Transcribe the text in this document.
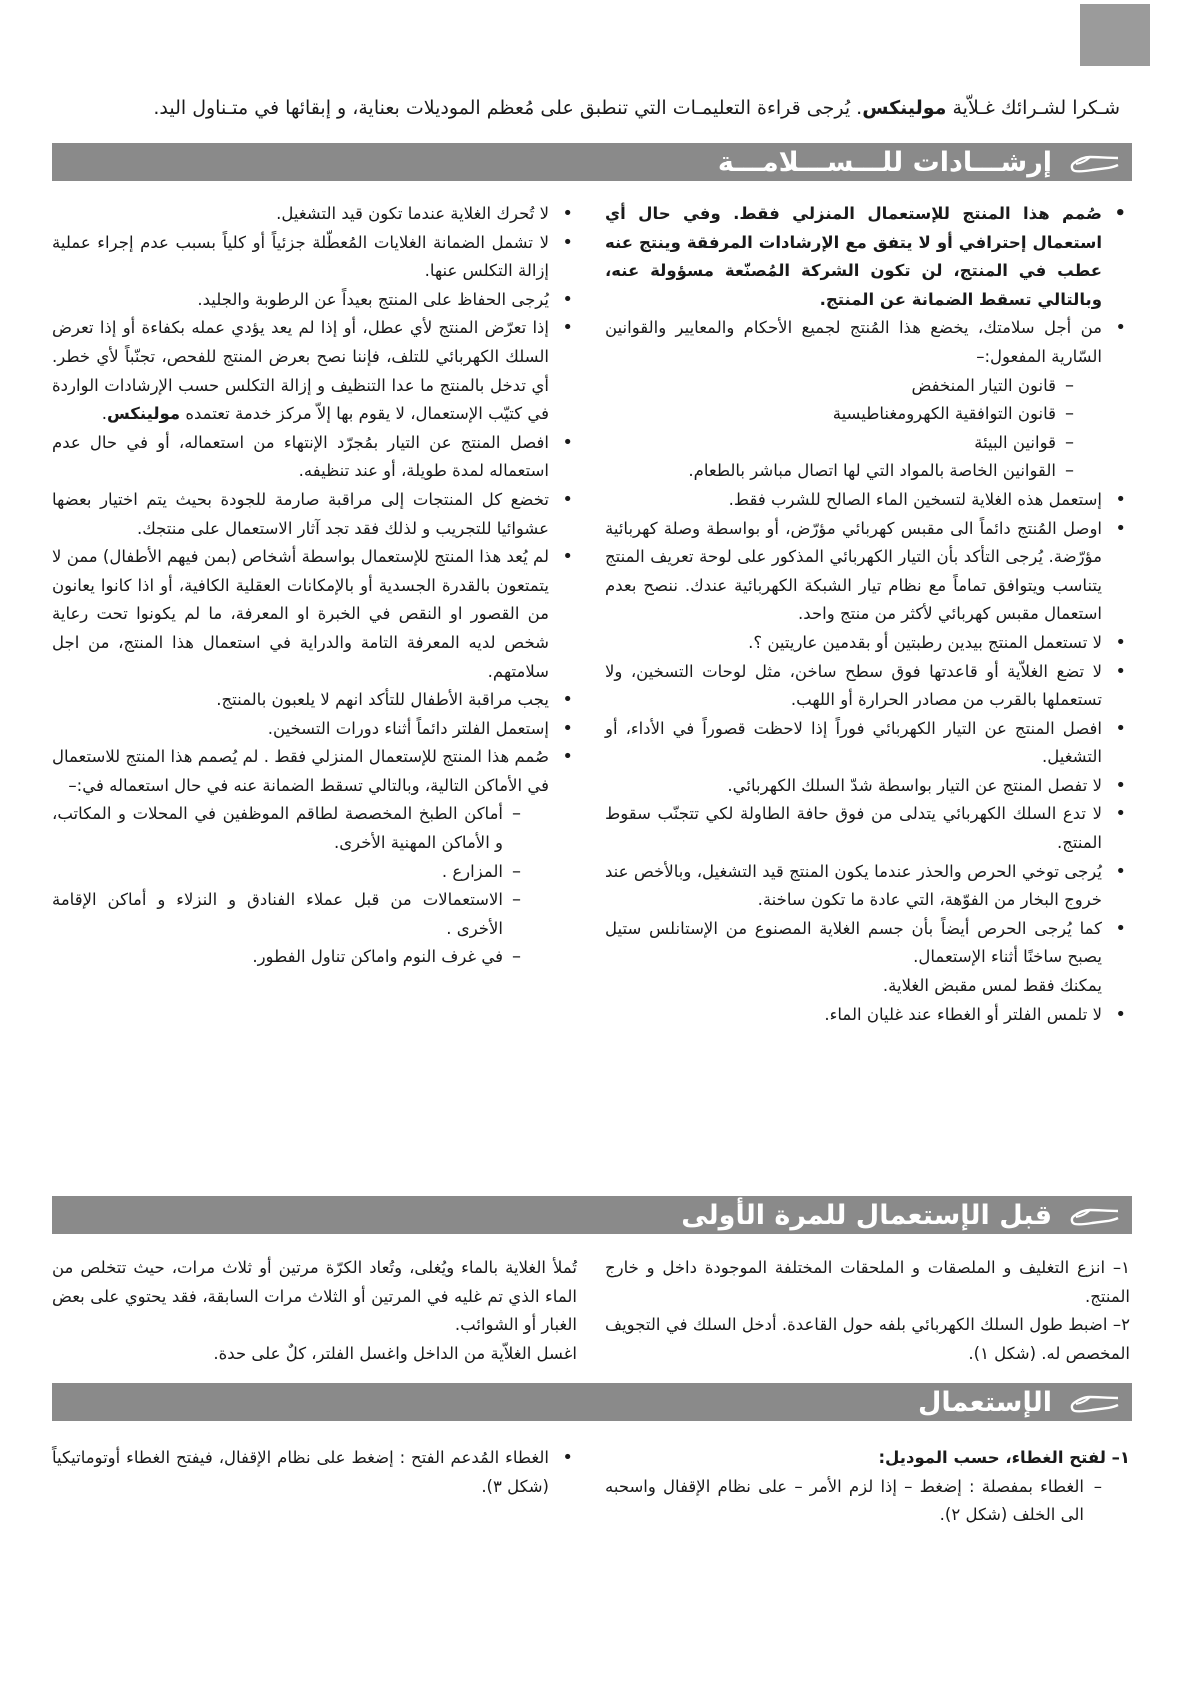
شـكرا لشـرائك غـلاّية مولينكس. يُرجى قراءة التعليمـات التي تنطبق على مُعظم الموديلات بعناية، و إبقائها في متـناول اليد.
إرشـــادات للـــســـلامـــة
• صُمم هذا المنتج للإستعمال المنزلي فقط. وفي حال أي استعمال إحترافي أو لا يتفق مع الإرشادات المرفقة وينتج عنه عطب في المنتج، لن تكون الشركة المُصنّعة مسؤولة عنه، وبالتالي تسقط الضمانة عن المنتج.
• من أجل سلامتك، يخضع هذا المُنتج لجميع الأحكام والمعايير والقوانين السّارية المفعول:–
– قانون التيار المنخفض
– قانون التوافقية الكهرومغناطيسية
– قوانين البيئة
– القوانين الخاصة بالمواد التي لها اتصال مباشر بالطعام.
• إستعمل هذه الغلاية لتسخين الماء الصالح للشرب فقط.
• اوصل المُنتج دائماً الى مقبس كهربائي مؤرّض، أو بواسطة وصلة كهربائية مؤرّضة. يُرجى التأكد بأن التيار الكهربائي المذكور على لوحة تعريف المنتج يتناسب ويتوافق تماماً مع نظام تيار الشبكة الكهربائية عندك. ننصح بعدم استعمال مقبس كهربائي لأكثر من منتج واحد.
• لا تستعمل المنتج بيدين رطبتين أو بقدمين عاريتين ؟.
• لا تضع الغلاّية أو قاعدتها فوق سطح ساخن، مثل لوحات التسخين، ولا تستعملها بالقرب من مصادر الحرارة أو اللهب.
• افصل المنتج عن التيار الكهربائي فوراً إذا لاحظت قصوراً في الأداء، أو التشغيل.
• لا تفصل المنتج عن التيار بواسطة شدّ السلك الكهربائي.
• لا تدع السلك الكهربائي يتدلى من فوق حافة الطاولة لكي تتجنّب سقوط المنتج.
• يُرجى توخي الحرص والحذر عندما يكون المنتج قيد التشغيل، وبالأخص عند خروج البخار من الفوّهة، التي عادة ما تكون ساخنة.
• كما يُرجى الحرص أيضاً بأن جسم الغلاية المصنوع من الإستانلس ستيل يصبح ساخنًا أثناء الإستعمال.
يمكنك فقط لمس مقبض الغلاية.
• لا تلمس الفلتر أو الغطاء عند غليان الماء.
• لا تُحرك الغلاية عندما تكون قيد التشغيل.
• لا تشمل الضمانة الغلايات المُعطّلة جزئياً أو كلياً بسبب عدم إجراء عملية إزالة التكلس عنها.
• يُرجى الحفاظ على المنتج بعيداً عن الرطوبة والجليد.
• إذا تعرّض المنتج لأي عطل، أو إذا لم يعد يؤدي عمله بكفاءة أو إذا تعرض السلك الكهربائي للتلف، فإننا نصح بعرض المنتج للفحص، تجنّباً لأي خطر. أي تدخل بالمنتج ما عدا التنظيف و إزالة التكلس حسب الإرشادات الواردة في كتيّب الإستعمال، لا يقوم بها إلاّ مركز خدمة تعتمده مولينكس.
• افصل المنتج عن التيار بمُجرّد الإنتهاء من استعماله، أو في حال عدم استعماله لمدة طويلة، أو عند تنظيفه.
• تخضع كل المنتجات إلى مراقبة صارمة للجودة بحيث يتم اختيار بعضها عشوائيا للتجريب و لذلك فقد تجد آثار الاستعمال على منتجك.
• لم يُعد هذا المنتج للإستعمال بواسطة أشخاص (بمن فيهم الأطفال) ممن لا يتمتعون بالقدرة الجسدية أو بالإمكانات العقلية الكافية، أو اذا كانوا يعانون من القصور او النقص في الخبرة او المعرفة، ما لم يكونوا تحت رعاية شخص لديه المعرفة التامة والدراية في استعمال هذا المنتج، من اجل سلامتهم.
• يجب مراقبة الأطفال للتأكد انهم لا يلعبون بالمنتج.
• إستعمل الفلتر دائماً أثناء دورات التسخين.
• صُمم هذا المنتج للإستعمال المنزلي فقط . لم يُصمم هذا المنتج للاستعمال في الأماكن التالية، وبالتالي تسقط الضمانة عنه في حال استعماله في:–
– أماكن الطبخ المخصصة لطاقم الموظفين في المحلات و المكاتب، و الأماكن المهنية الأخرى.
– المزارع .
– الاستعمالات من قبل عملاء الفنادق و النزلاء و أماكن الإقامة الأخرى .
– في غرف النوم واماكن تناول الفطور.
قبل الإستعمال للمرة الأولى

١– انزع التغليف و الملصقات و الملحقات المختلفة الموجودة داخل و خارج المنتج.

٢– اضبط طول السلك الكهربائي بلفه حول القاعدة. أدخل السلك في التجويف المخصص له. (شكل ١).

تُملأ الغلاية بالماء ويُغلى، وتُعاد الكرّة مرتين أو ثلاث مرات، حيث تتخلص من الماء الذي تم غليه في المرتين أو الثلاث مرات السابقة، فقد يحتوي على بعض الغبار أو الشوائب.

اغسل الغلاّية من الداخل واغسل الفلتر، كلٌ على حدة.

الإستعمال

١– لفتح الغطاء، حسب الموديل:

– الغطاء بمفصلة : إضغط – إذا لزم الأمر – على نظام الإقفال واسحبه الى الخلف (شكل ٢).
• الغطاء المُدعم الفتح : إضغط على نظام الإقفال، فيفتح الغطاء أوتوماتيكياً (شكل ٣).
